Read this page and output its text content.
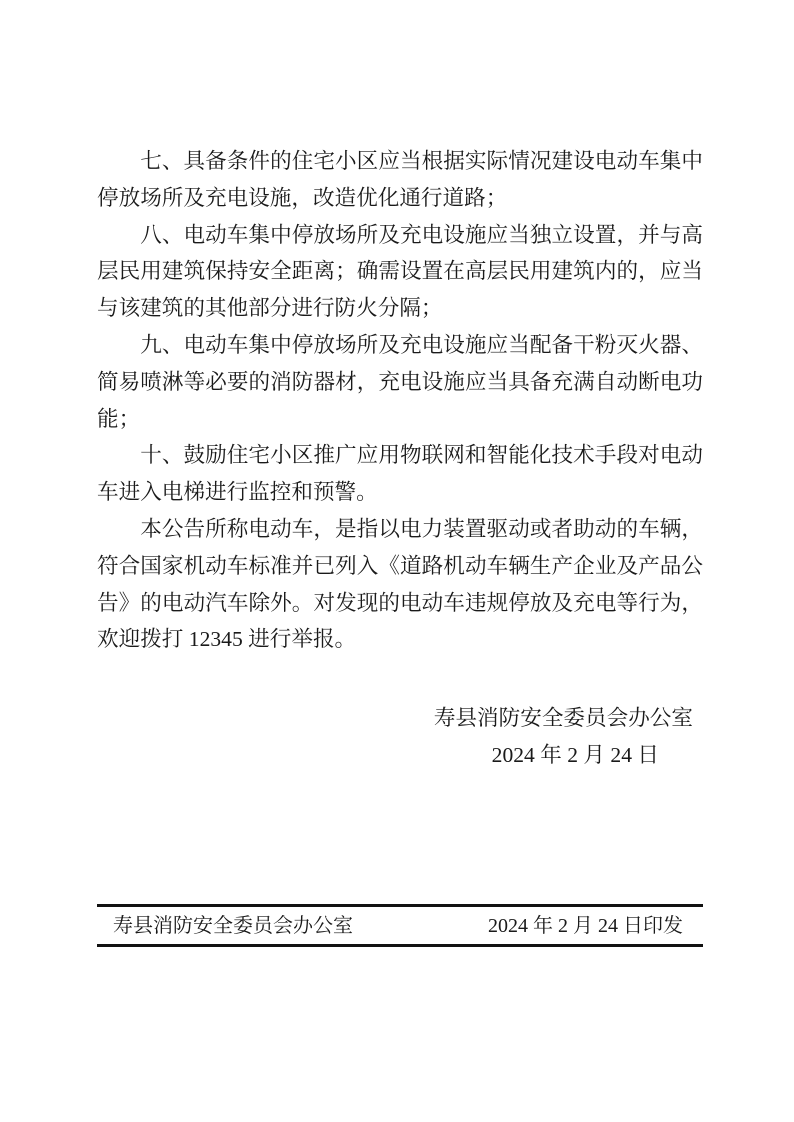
七、具备条件的住宅小区应当根据实际情况建设电动车集中停放场所及充电设施，改造优化通行道路；

八、电动车集中停放场所及充电设施应当独立设置，并与高层民用建筑保持安全距离；确需设置在高层民用建筑内的，应当与该建筑的其他部分进行防火分隔；

九、电动车集中停放场所及充电设施应当配备干粉灭火器、简易喷淋等必要的消防器材，充电设施应当具备充满自动断电功能；

十、鼓励住宅小区推广应用物联网和智能化技术手段对电动车进入电梯进行监控和预警。

本公告所称电动车，是指以电力装置驱动或者助动的车辆，符合国家机动车标准并已列入《道路机动车辆生产企业及产品公告》的电动汽车除外。对发现的电动车违规停放及充电等行为，欢迎拨打 12345 进行举报。

寿县消防安全委员会办公室
2024 年 2 月 24 日
寿县消防安全委员会办公室	2024 年 2 月 24 日印发
